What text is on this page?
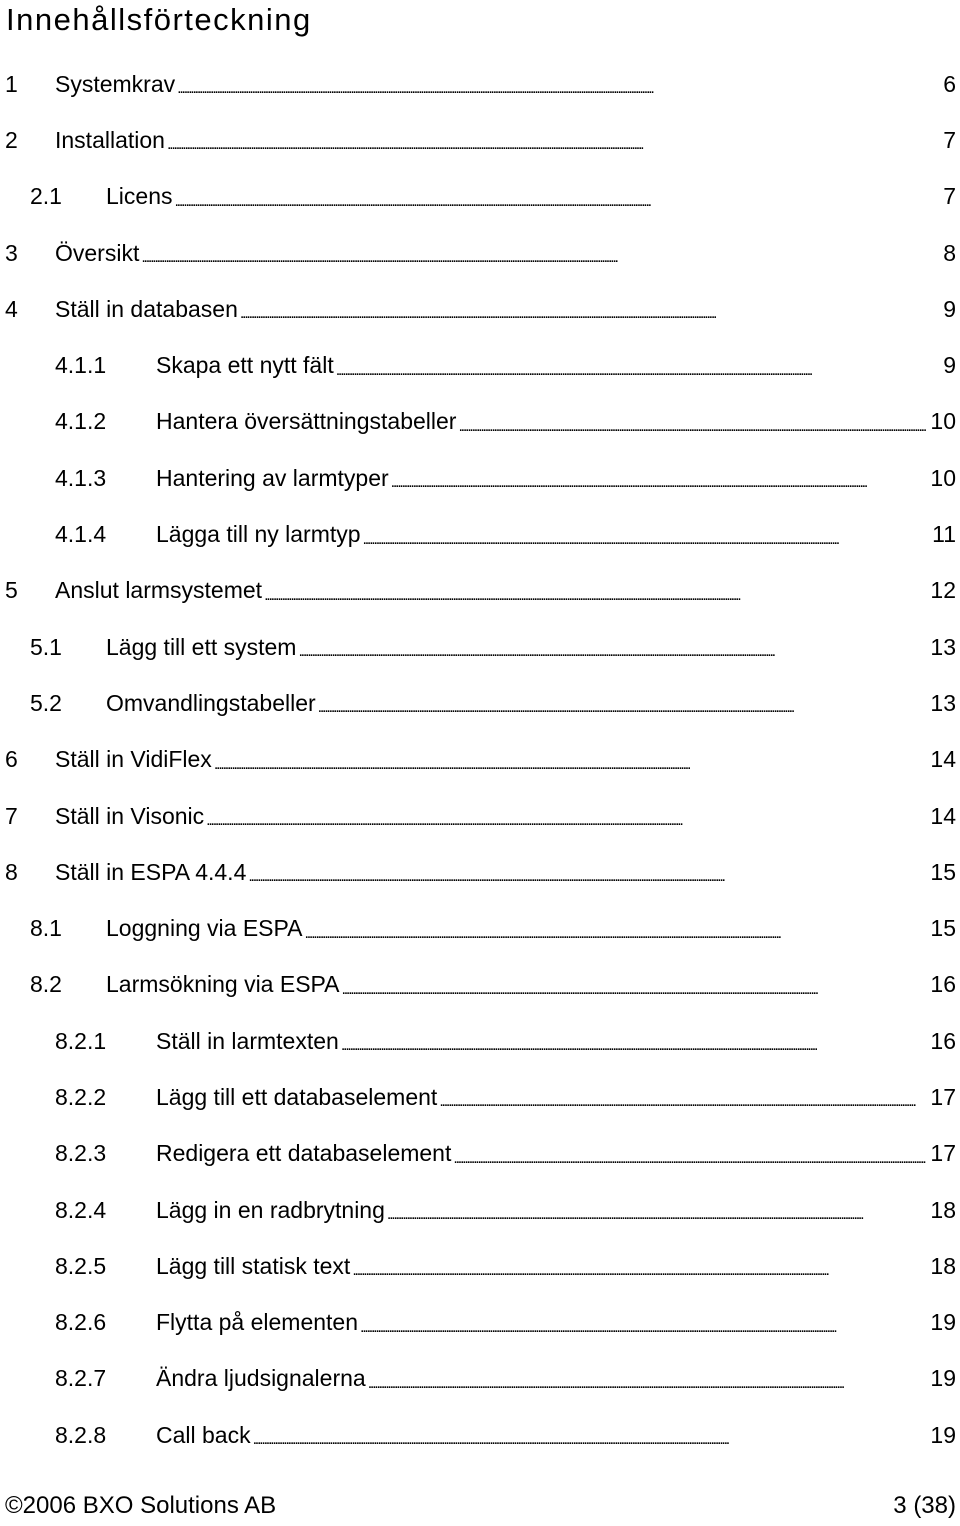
Innehållsförteckning
1	Systemkrav . . .	6
2	Installation . . .	7
2.1	Licens . . .	7
3	Översikt . . .	8
4	Ställ in databasen . . .	9
4.1.1	Skapa ett nytt fält . . .	9
4.1.2	Hantera översättningstabeller . . .	10
4.1.3	Hantering av larmtyper . . .	10
4.1.4	Lägga till ny larmtyp . . .	11
5	Anslut larmsystemet . . .	12
5.1	Lägg till ett system . . .	13
5.2	Omvandlingstabeller . . .	13
6	Ställ in VidiFlex . . .	14
7	Ställ in Visonic . . .	14
8	Ställ in ESPA 4.4.4 . . .	15
8.1	Loggning via ESPA . . .	15
8.2	Larmsökning via ESPA . . .	16
8.2.1	Ställ in larmtexten . . .	16
8.2.2	Lägg till ett databaselement . . .	17
8.2.3	Redigera ett databaselement . . .	17
8.2.4	Lägg in en radbrytning . . .	18
8.2.5	Lägg till statisk text . . .	18
8.2.6	Flytta på elementen . . .	19
8.2.7	Ändra ljudsignalerna . . .	19
8.2.8	Call back . . .	19
©2006 BXO Solutions AB	3 (38)
